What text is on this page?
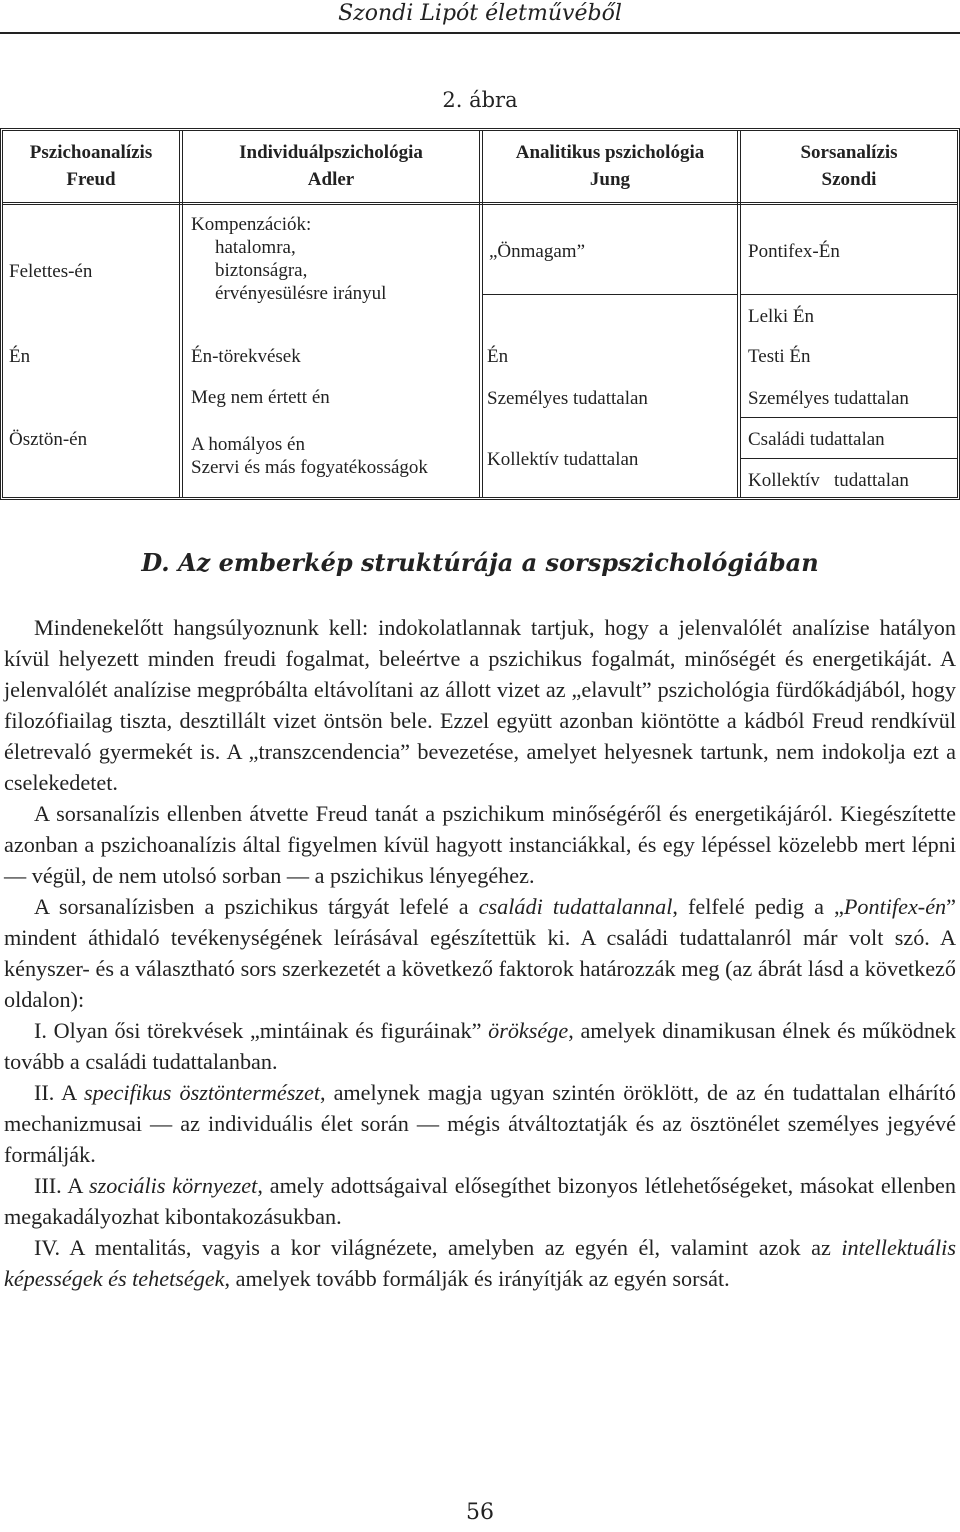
Szondi Lipót életművéből
2. ábra
Pszichoanalízis
Freud
Individuálpszichológia
Adler
Analitikus pszichológia
Jung
Sorsanalízis
Szondi
Felettes-én
Én
Ösztön-én
Kompenzációk:
hatalomra,
biztonságra,
érvényesülésre irányul
Én-törekvések
Meg nem értett én
A homályos én
Szervi és más fogyatékosságok
„Önmagam”
Én
Személyes tudattalan
Kollektív tudattalan
Pontifex-Én
Lelki Én
Testi Én
Személyes tudattalan
Családi tudattalan
Kollektív   tudattalan
D. Az emberkép struktúrája a sorspszichológiában

Mindenekelőtt hangsúlyoznunk kell: indokolatlannak tartjuk, hogy a jelenvalólét analízise hatályon kívül helyezett minden freudi fogalmat, beleértve a pszichikus fogalmát, minőségét és energetikáját. A jelenvalólét analízise megpróbálta eltávolítani az állott vizet az „elavult” pszichológia fürdőkádjából, hogy filozófiailag tiszta, desztillált vizet öntsön bele. Ezzel együtt azonban kiöntötte a kádból Freud rendkívül életrevaló gyermekét is. A „transzcendencia” bevezetése, amelyet helyesnek tartunk, nem indokolja ezt a cselekedetet.

A sorsanalízis ellenben átvette Freud tanát a pszichikum minőségéről és energetikájáról. Kiegészítette azonban a pszichoanalízis által figyelmen kívül hagyott instanciákkal, és egy lépéssel közelebb mert lépni — végül, de nem utolsó sorban — a pszichikus lényegéhez.

A sorsanalízisben a pszichikus tárgyát lefelé a családi tudattalannal, felfelé pedig a „Pontifex-én” mindent áthidaló tevékenységének leírásával egészítettük ki. A családi tudattalanról már volt szó. A kényszer- és a választható sors szerkezetét a következő faktorok határozzák meg (az ábrát lásd a következő oldalon):

I. Olyan ősi törekvések „mintáinak és figuráinak” öröksége, amelyek dinamikusan élnek és működnek tovább a családi tudattalanban.

II. A specifikus ösztöntermészet, amelynek magja ugyan szintén öröklött, de az én tudattalan elhárító mechanizmusai — az individuális élet során — mégis átváltoztatják és az ösztönélet személyes jegyévé formálják.

III. A szociális környezet, amely adottságaival elősegíthet bizonyos létlehetőségeket, másokat ellenben megakadályozhat kibontakozásukban.

IV. A mentalitás, vagyis a kor világnézete, amelyben az egyén él, valamint azok az intellektuális képességek és tehetségek, amelyek tovább formálják és irányítják az egyén sorsát.

56
